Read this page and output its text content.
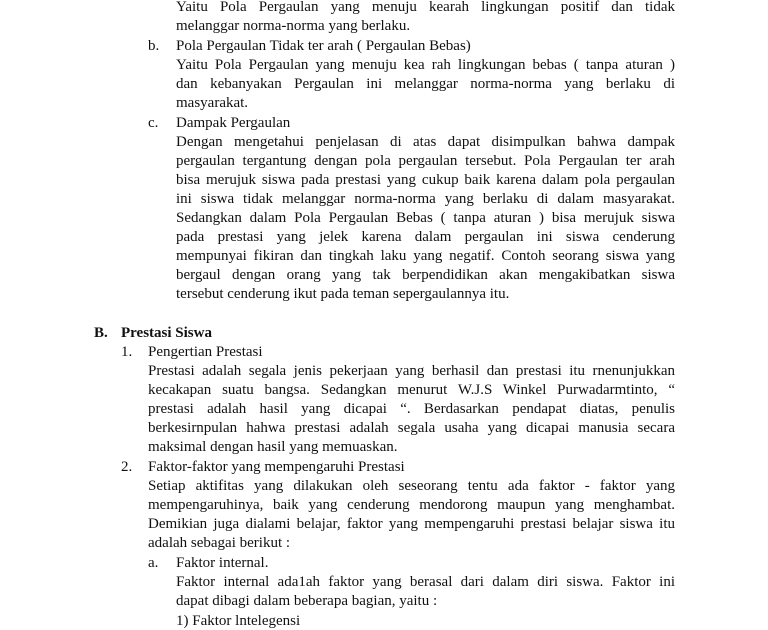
Yaitu Pola Pergaulan yang menuju kearah lingkungan positif dan tidak
melanggar norma-norma yang berlaku.
b. Pola Pergaulan Tidak ter arah ( Pergaulan Bebas)
Yaitu Pola Pergaulan yang menuju kea rah lingkungan bebas ( tanpa aturan )
dan kebanyakan Pergaulan ini melanggar norma-norma yang berlaku di
masyarakat.
c. Dampak Pergaulan
Dengan mengetahui penjelasan di atas dapat disimpulkan bahwa dampak
pergaulan tergantung dengan pola pergaulan tersebut. Pola Pergaulan ter arah
bisa merujuk siswa pada prestasi yang cukup baik karena dalam pola pergaulan
ini siswa tidak melanggar norma-norma yang berlaku di dalam masyarakat.
Sedangkan dalam Pola Pergaulan Bebas ( tanpa aturan ) bisa merujuk siswa
pada prestasi yang jelek karena dalam pergaulan ini siswa cenderung
mempunyai fikiran dan tingkah laku yang negatif. Contoh seorang siswa yang
bergaul dengan orang yang tak berpendidikan akan mengakibatkan siswa
tersebut cenderung ikut pada teman sepergaulannya itu.
B. Prestasi Siswa
1. Pengertian Prestasi
Prestasi adalah segala jenis pekerjaan yang berhasil dan prestasi itu rnenunjukkan
kecakapan suatu bangsa. Sedangkan menurut W.J.S Winkel Purwadarmtinto, “
prestasi adalah hasil yang dicapai “. Berdasarkan pendapat diatas, penulis
berkesirnpulan hahwa prestasi adalah segala usaha yang dicapai manusia secara
maksimal dengan hasil yang memuaskan.
2. Faktor-faktor yang mempengaruhi Prestasi
Setiap aktifitas yang dilakukan oleh seseorang tentu ada faktor - faktor yang
mempengaruhinya, baik yang cenderung mendorong maupun yang menghambat.
Demikian juga dialami belajar, faktor yang mempengaruhi prestasi belajar siswa itu
adalah sebagai berikut :
a. Faktor internal.
Faktor internal ada1ah faktor yang berasal dari dalam diri siswa. Faktor ini
dapat dibagi dalam beberapa bagian, yaitu :
1) Faktor lntelegensi
